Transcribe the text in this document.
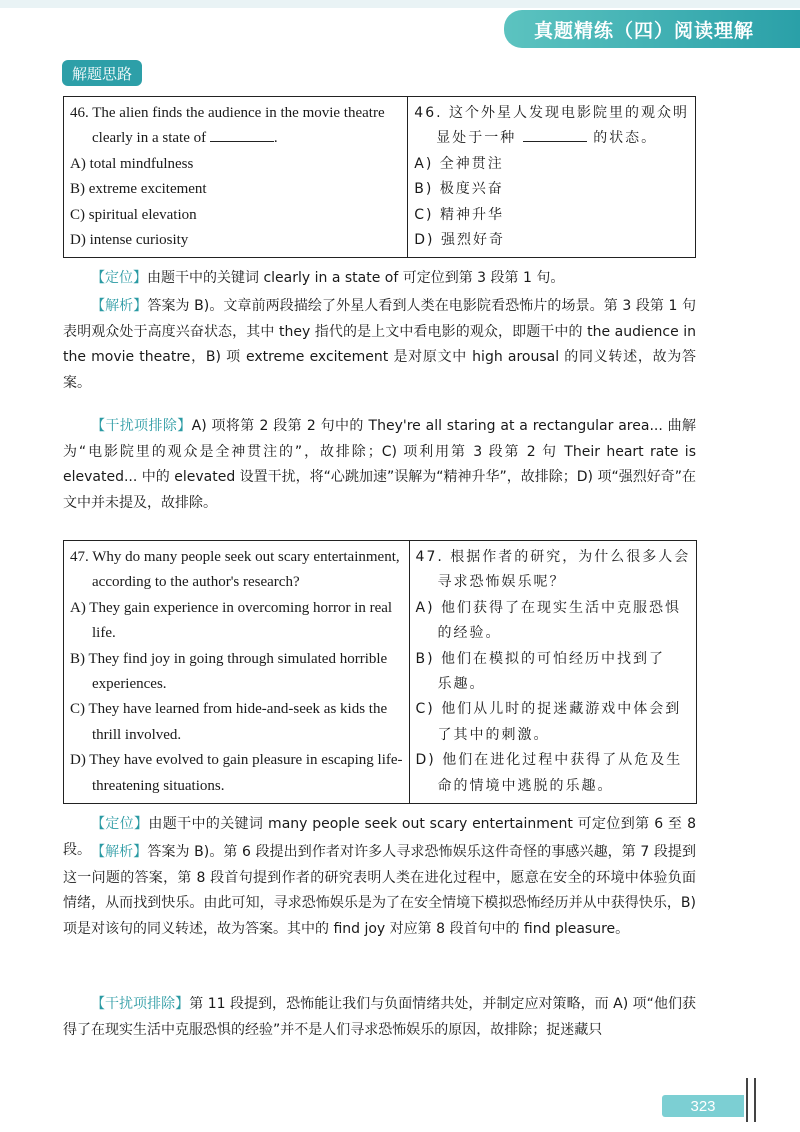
真题精练（四）阅读理解
解题思路
46. The alien finds the audience in the movie theatre
clearly in a state of	.
A) total mindfulness
B) extreme excitement
C) spiritual elevation
D) intense curiosity

46. 这个外星人发现电影院里的观众明
显处于一种	的状态。
A) 全神贯注
B) 极度兴奋
C) 精神升华
D) 强烈好奇
【定位】由题干中的关键词 clearly in a state of 可定位到第 3 段第 1 句。
【解析】答案为 B)。文章前两段描绘了外星人看到人类在电影院看恐怖片的场景。第 3 段第 1 句表明观众处于高度兴奋状态，其中 they 指代的是上文中看电影的观众，即题干中的 the audience in the movie theatre，B) 项 extreme excitement 是对原文中 high arousal 的同义转述，故为答案。
【干扰项排除】A) 项将第 2 段第 2 句中的 They're all staring at a rectangular area... 曲解为“电影院里的观众是全神贯注的”，故排除；C) 项利用第 3 段第 2 句 Their heart rate is elevated... 中的 elevated 设置干扰，将“心跳加速”误解为“精神升华”，故排除；D) 项“强烈好奇”在文中并未提及，故排除。
47. Why do many people seek out scary entertainment,
according to the author's research?
A) They gain experience in overcoming horror in real
life.
B) They find joy in going through simulated horrible
experiences.
C) They have learned from hide-and-seek as kids the
thrill involved.
D) They have evolved to gain pleasure in escaping life-
threatening situations.

47. 根据作者的研究，为什么很多人会
寻求恐怖娱乐呢？
A) 他们获得了在现实生活中克服恐惧
的经验。
B) 他们在模拟的可怕经历中找到了
乐趣。
C) 他们从儿时的捉迷藏游戏中体会到
了其中的刺激。
D) 他们在进化过程中获得了从危及生
命的情境中逃脱的乐趣。
【定位】由题干中的关键词 many people seek out scary entertainment 可定位到第 6 至 8 段。 【解析】答案为 B)。第 6 段提出到作者对许多人寻求恐怖娱乐这件奇怪的事感兴趣，第 7 段提到这一问题的答案，第 8 段首句提到作者的研究表明人类在进化过程中，愿意在安全的环境中体验负面情绪，从而找到快乐。由此可知，寻求恐怖娱乐是为了在安全情境下模拟恐怖经历并从中获得快乐，B) 项是对该句的同义转述，故为答案。其中的 find joy 对应第 8 段首句中的 find pleasure。
【干扰项排除】第 11 段提到，恐怖能让我们与负面情绪共处，并制定应对策略，而 A) 项“他们获得了在现实生活中克服恐惧的经验”并不是人们寻求恐怖娱乐的原因，故排除；捉迷藏只
323
